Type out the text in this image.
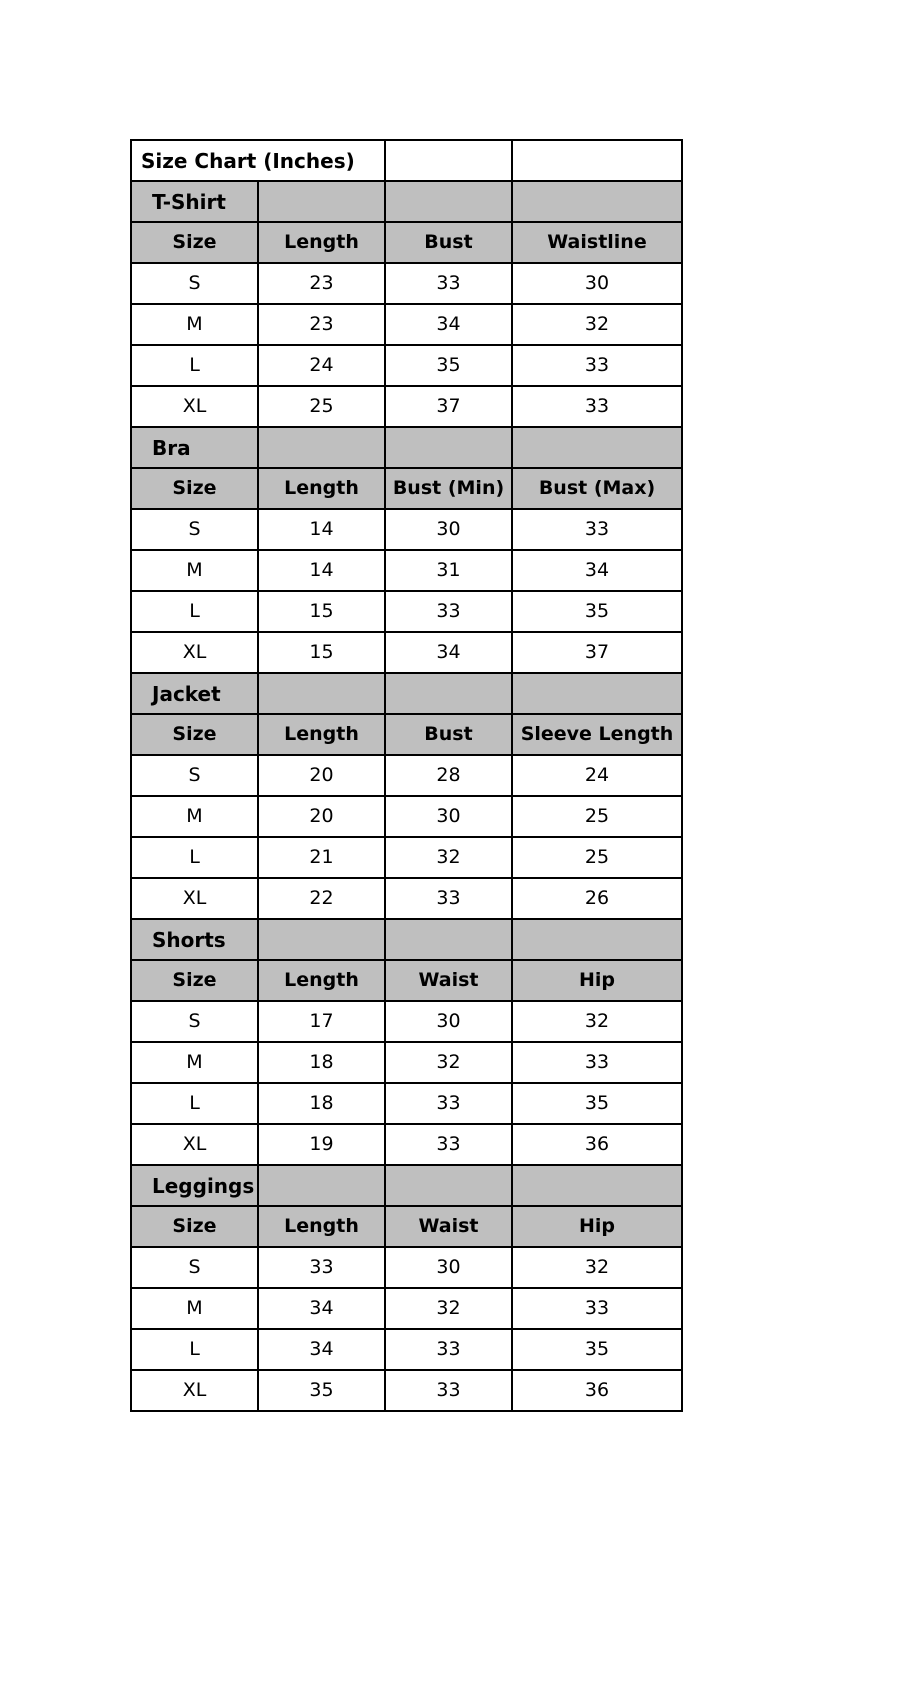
Size Chart (Inches)			
T-Shirt			
Size	Length	Bust	Waistline
S	23	33	30
M	23	34	32
L	24	35	33
XL	25	37	33
Bra			
Size	Length	Bust (Min)	Bust (Max)
S	14	30	33
M	14	31	34
L	15	33	35
XL	15	34	37
Jacket			
Size	Length	Bust	Sleeve Length
S	20	28	24
M	20	30	25
L	21	32	25
XL	22	33	26
Shorts			
Size	Length	Waist	Hip
S	17	30	32
M	18	32	33
L	18	33	35
XL	19	33	36
Leggings			
Size	Length	Waist	Hip
S	33	30	32
M	34	32	33
L	34	33	35
XL	35	33	36
